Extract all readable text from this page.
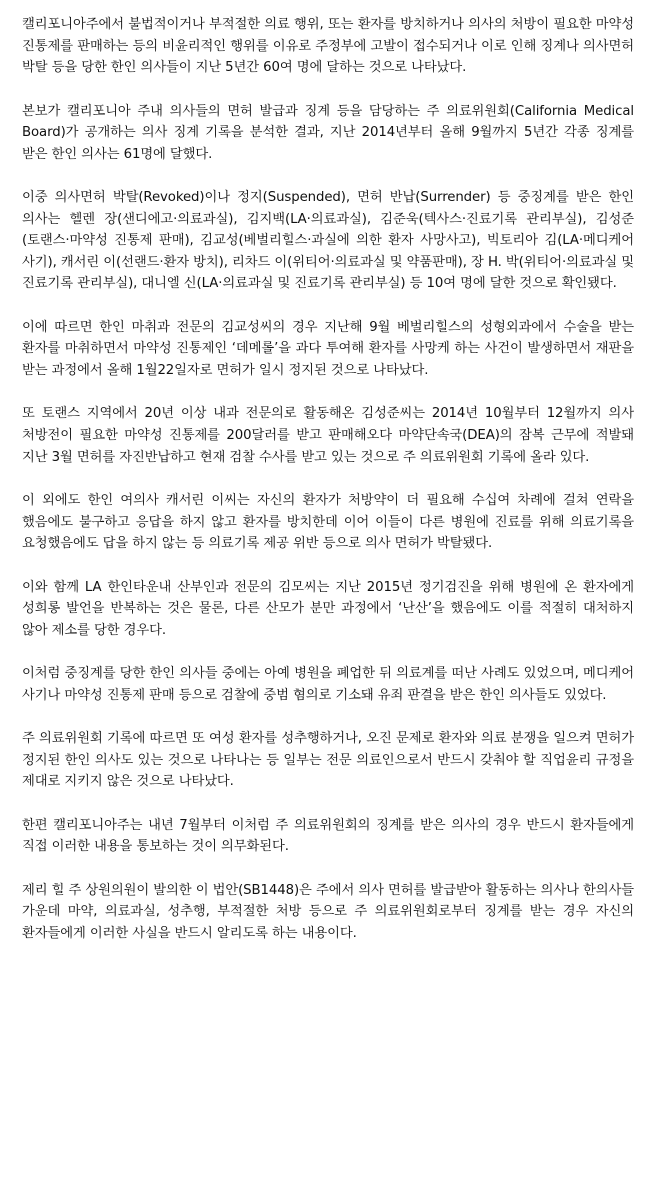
캘리포니아주에서 불법적이거나 부적절한 의료 행위, 또는 환자를 방치하거나 의사의 처방이 필요한 마약성 진통제를 판매하는 등의 비윤리적인 행위를 이유로 주정부에 고발이 접수되거나 이로 인해 징계나 의사면허 박탈 등을 당한 한인 의사들이 지난 5년간 60여 명에 달하는 것으로 나타났다.

본보가 캘리포니아 주내 의사들의 면허 발급과 징계 등을 담당하는 주 의료위원회(California Medical Board)가 공개하는 의사 징계 기록을 분석한 결과, 지난 2014년부터 올해 9월까지 5년간 각종 징계를 받은 한인 의사는 61명에 달했다.

이중 의사면허 박탈(Revoked)이나 정지(Suspended), 면허 반납(Surrender) 등 중징계를 받은 한인 의사는 헬렌 장(샌디에고·의료과실), 김지백(LA·의료과실), 김준욱(텍사스·진료기록 관리부실), 김성준(토랜스·마약성 진통제 판매), 김교성(베벌리힐스·과실에 의한 환자 사망사고), 빅토리아 김(LA·메디케어 사기), 캐서린 이(선랜드·환자 방치), 리차드 이(위티어·의료과실 및 약품판매), 장 H. 박(위티어·의료과실 및 진료기록 관리부실), 대니엘 신(LA·의료과실 및 진료기록 관리부실) 등 10여 명에 달한 것으로 확인됐다.

이에 따르면 한인 마취과 전문의 김교성씨의 경우 지난해 9월 베벌리힐스의 성형외과에서 수술을 받는 환자를 마취하면서 마약성 진통제인 ‘데메롤’을 과다 투여해 환자를 사망케 하는 사건이 발생하면서 재판을 받는 과정에서 올해 1월22일자로 면허가 일시 정지된 것으로 나타났다.

또 토랜스 지역에서 20년 이상 내과 전문의로 활동해온 김성준씨는 2014년 10월부터 12월까지 의사 처방전이 필요한 마약성 진통제를 200달러를 받고 판매해오다 마약단속국(DEA)의 잠복 근무에 적발돼 지난 3월 면허를 자진반납하고 현재 검찰 수사를 받고 있는 것으로 주 의료위원회 기록에 올라 있다.

이 외에도 한인 여의사 캐서린 이씨는 자신의 환자가 처방약이 더 필요해 수십여 차례에 걸쳐 연락을 했음에도 불구하고 응답을 하지 않고 환자를 방치한데 이어 이들이 다른 병원에 진료를 위해 의료기록을 요청했음에도 답을 하지 않는 등 의료기록 제공 위반 등으로 의사 면허가 박탈됐다.

이와 함께 LA 한인타운내 산부인과 전문의 김모씨는 지난 2015년 정기검진을 위해 병원에 온 환자에게 성희롱 발언을 반복하는 것은 물론, 다른 산모가 분만 과정에서 ‘난산’을 했음에도 이를 적절히 대처하지 않아 제소를 당한 경우다.

이처럼 중징계를 당한 한인 의사들 중에는 아예 병원을 폐업한 뒤 의료계를 떠난 사례도 있었으며, 메디케어 사기나 마약성 진통제 판매 등으로 검찰에 중범 혐의로 기소돼 유죄 판결을 받은 한인 의사들도 있었다.

주 의료위원회 기록에 따르면 또 여성 환자를 성추행하거나, 오진 문제로 환자와 의료 분쟁을 일으켜 면허가 정지된 한인 의사도 있는 것으로 나타나는 등 일부는 전문 의료인으로서 반드시 갖춰야 할 직업윤리 규정을 제대로 지키지 않은 것으로 나타났다.

한편 캘리포니아주는 내년 7월부터 이처럼 주 의료위원회의 징계를 받은 의사의 경우 반드시 환자들에게 직접 이러한 내용을 통보하는 것이 의무화된다.

제리 힐 주 상원의원이 발의한 이 법안(SB1448)은 주에서 의사 면허를 발급받아 활동하는 의사나 한의사들 가운데 마약, 의료과실, 성추행, 부적절한 처방 등으로 주 의료위원회로부터 징계를 받는 경우 자신의 환자들에게 이러한 사실을 반드시 알리도록 하는 내용이다.
